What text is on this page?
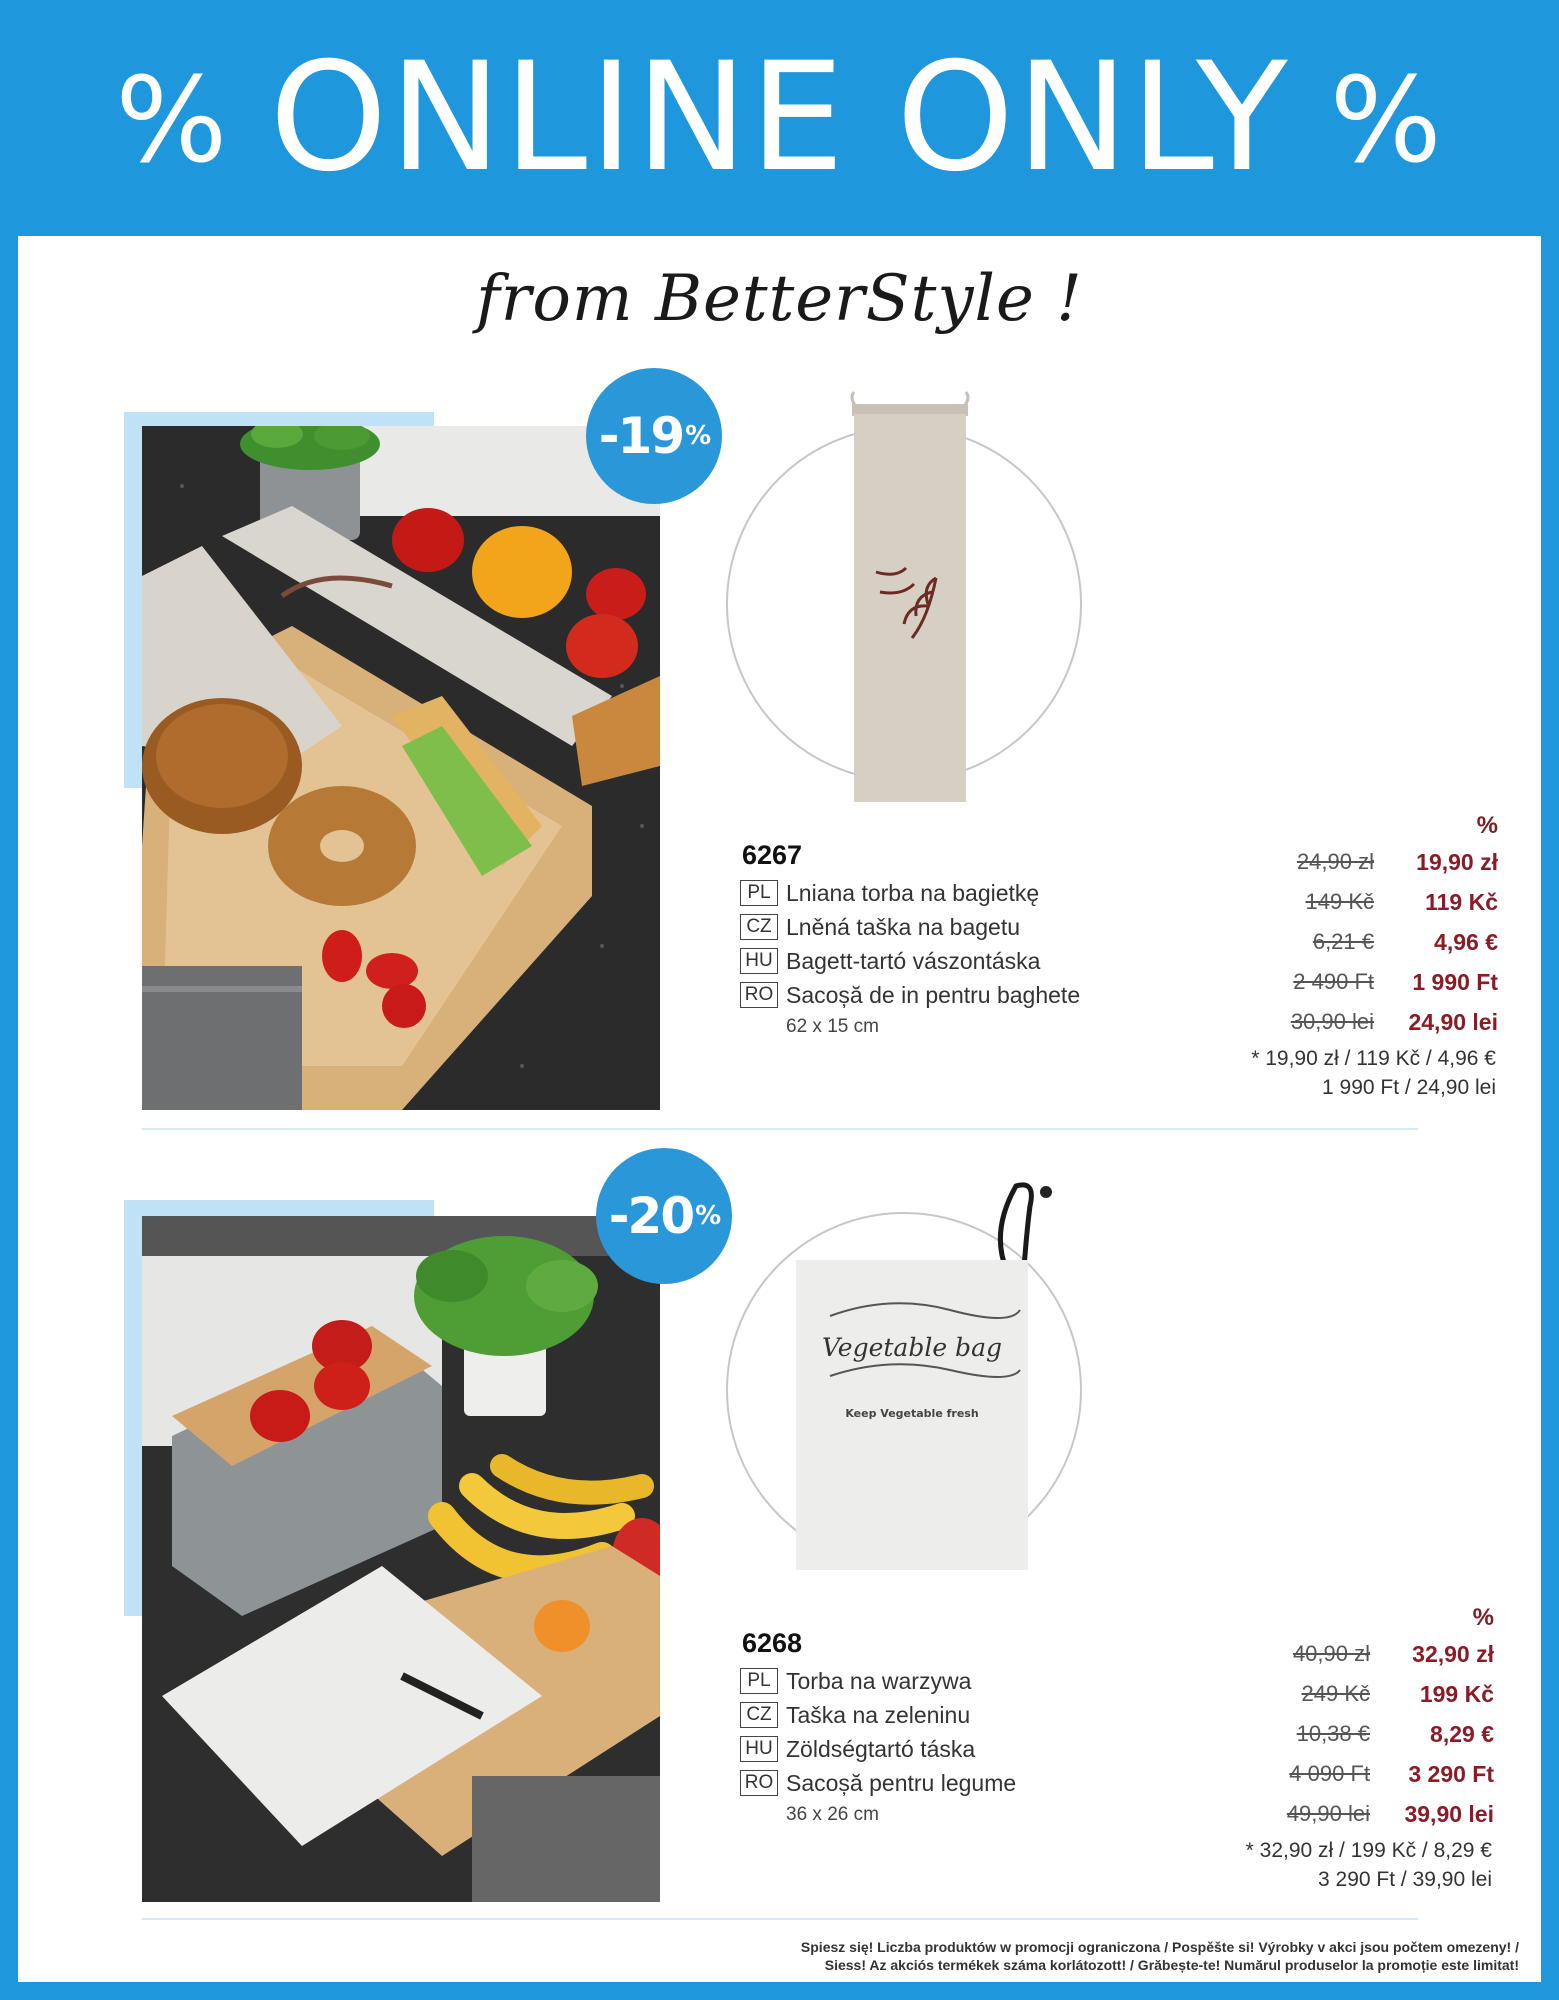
% ONLINE ONLY %
from BetterStyle !
-19 %
6267
PL Lniana torba na bagietkę
CZ Lněná taška na bagetu
HU Bagett-tartó vászontáska
RO Sacoșă de in pentru baghete
62 x 15 cm
%
24,90 zł	19,90 zł
149 Kč	119 Kč
6,21 €	4,96 €
2 490 Ft	1 990 Ft
30,90 lei	24,90 lei
* 19,90 zł / 119 Kč / 4,96 €
1 990 Ft / 24,90 lei
-20 %
Vegetable bag
Keep Vegetable fresh
6268
PL Torba na warzywa
CZ Taška na zeleninu
HU Zöldségtartó táska
RO Sacoșă pentru legume
36 x 26 cm
%
40,90 zł	32,90 zł
249 Kč	199 Kč
10,38 €	8,29 €
4 090 Ft	3 290 Ft
49,90 lei	39,90 lei
* 32,90 zł / 199 Kč / 8,29 €
3 290 Ft / 39,90 lei
Spiesz się! Liczba produktów w promocji ograniczona / Pospěšte si! Výrobky v akci jsou počtem omezeny! /
Siess! Az akciós termékek száma korlátozott! / Grăbește-te! Numărul produselor la promoție este limitat!
